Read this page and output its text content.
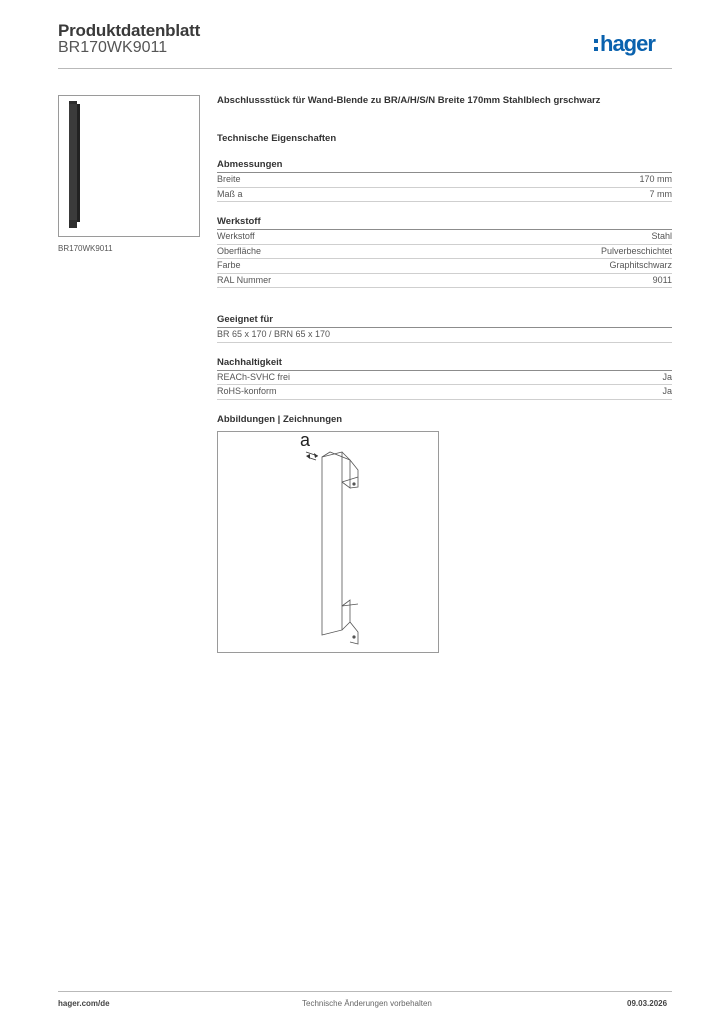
Produktdatenblatt
BR170WK9011	hager
BR170WK9011
Abschlussstück für Wand-Blende zu BR/A/H/S/N Breite 170mm Stahlblech grschwarz
Technische Eigenschaften
Abmessungen
Breite	170 mm
Maß a	7 mm
Werkstoff
Werkstoff	Stahl
Oberfläche	Pulverbeschichtet
Farbe	Graphitschwarz
RAL Nummer	9011
Geeignet für
BR 65 x 170 / BRN 65 x 170
Nachhaltigkeit
REACh-SVHC frei	Ja
RoHS-konform	Ja
Abbildungen | Zeichnungen
a
hager.com/de	Technische Änderungen vorbehalten	09.03.2026
